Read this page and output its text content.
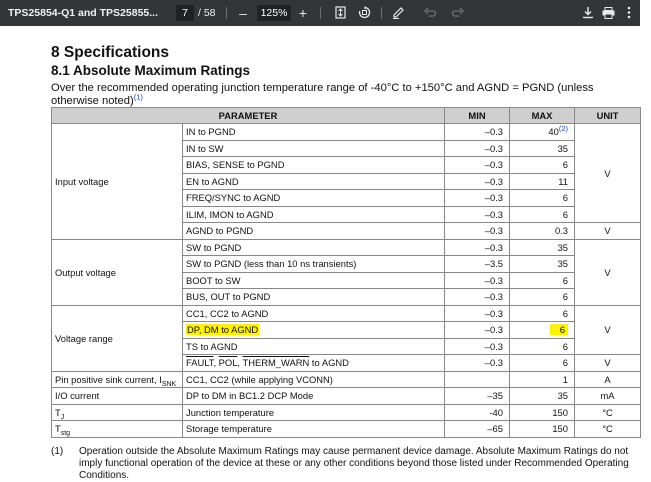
TPS25854-Q1 and TPS25855...	7 / 58	–	125% +
8 Specifications
8.1 Absolute Maximum Ratings
Over the recommended operating junction temperature range of -40°C to +150°C and AGND = PGND (unless otherwise noted)$^{(1)}$
PARAMETER		MIN	MAX	UNIT
Input voltage	IN to PGND	–0.3	40$^{(2)}$	V
	IN to SW	–0.3	35	
	BIAS, SENSE to PGND	–0.3	6	
	EN to AGND	–0.3	11	
	FREQ/SYNC to AGND	–0.3	6	
	ILIM, IMON to AGND	–0.3	6	
	AGND to PGND	–0.3	0.3	V
Output voltage	SW to PGND	–0.3	35	V
	SW to PGND (less than 10 ns transients)	–3.5	35	
	BOOT to SW	–0.3	6	
	BUS, OUT to PGND	–0.3	6	
Voltage range	CC1, CC2 to AGND	–0.3	6	V
	DP, DM to AGND	–0.3	6	
	TS to AGND	–0.3	6	
	FAULT, $\overline{POL}$, THERM_WARN to AGND	–0.3	6	V
Pin positive sink current, $I_{SNK}$	CC1, CC2 (while applying VCONN)		1	A
I/O current	DP to DM in BC1.2 DCP Mode	–35	35	mA
$T_J$	Junction temperature	-40	150	°C
$T_{stg}$	Storage temperature	–65	150	°C
(1) Operation outside the Absolute Maximum Ratings may cause permanent device damage. Absolute Maximum Ratings do not imply functional operation of the device at these or any other conditions beyond those listed under Recommended Operating Conditions.
